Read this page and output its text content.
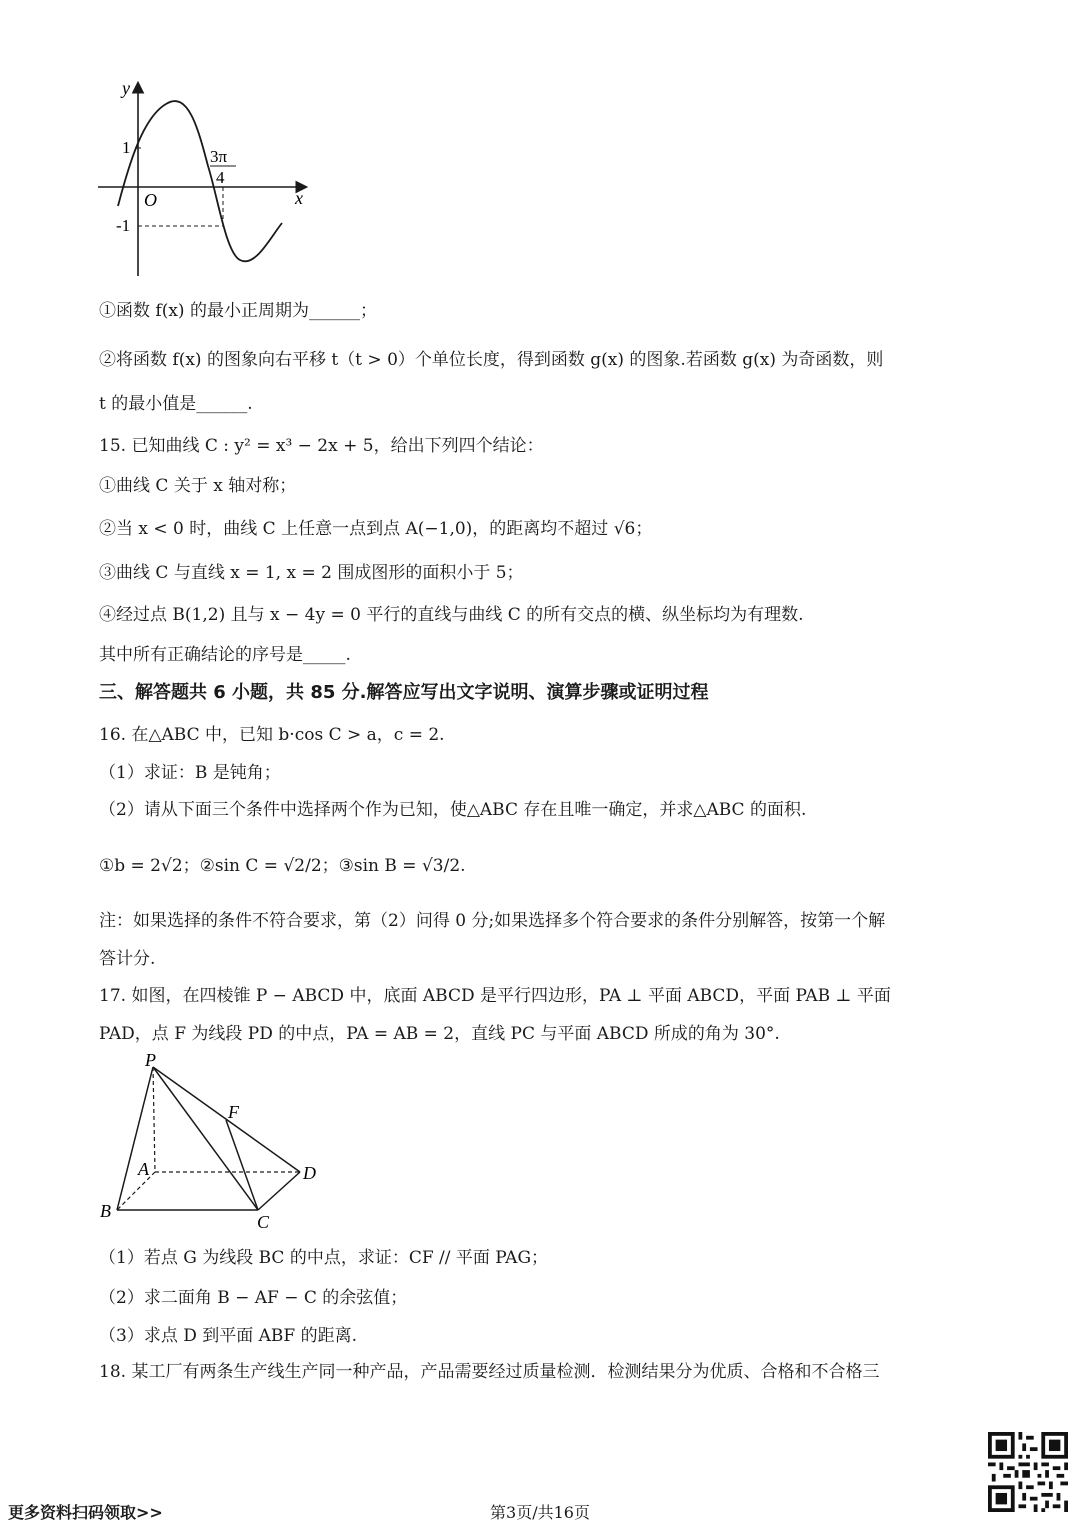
y
1
O
-1
x
3π
4
①函数 f(x) 的最小正周期为______；
②将函数 f(x) 的图象向右平移 t（t > 0）个单位长度，得到函数 g(x) 的图象.若函数 g(x) 为奇函数，则
t 的最小值是______.
15. 已知曲线 C : y² = x³ − 2x + 5，给出下列四个结论：
①曲线 C 关于 x 轴对称；
②当 x < 0 时，曲线 C 上任意一点到点 A(−1,0)，的距离均不超过 √6；
③曲线 C 与直线 x = 1, x = 2 围成图形的面积小于 5；
④经过点 B(1,2) 且与 x − 4y = 0 平行的直线与曲线 C 的所有交点的横、纵坐标均为有理数.
其中所有正确结论的序号是_____.
三、解答题共 6 小题，共 85 分.解答应写出文字说明、演算步骤或证明过程
16. 在△ABC 中，已知 b·cos C > a，c = 2.
（1）求证：B 是钝角；
（2）请从下面三个条件中选择两个作为已知，使△ABC 存在且唯一确定，并求△ABC 的面积.
①b = 2√2；②sin C = √2/2；③sin B = √3/2.
注：如果选择的条件不符合要求，第（2）问得 0 分;如果选择多个符合要求的条件分别解答，按第一个解
答计分.
17. 如图，在四棱锥 P − ABCD 中，底面 ABCD 是平行四边形，PA ⊥ 平面 ABCD，平面 PAB ⊥ 平面
PAD，点 F 为线段 PD 的中点，PA = AB = 2，直线 PC 与平面 ABCD 所成的角为 30°.
P
F
A	D
B
C
（1）若点 G 为线段 BC 的中点，求证：CF // 平面 PAG；
（2）求二面角 B − AF − C 的余弦值；
（3）求点 D 到平面 ABF 的距离.
18. 某工厂有两条生产线生产同一种产品，产品需要经过质量检测．检测结果分为优质、合格和不合格三
更多资料扫码领取>>	第3页/共16页
